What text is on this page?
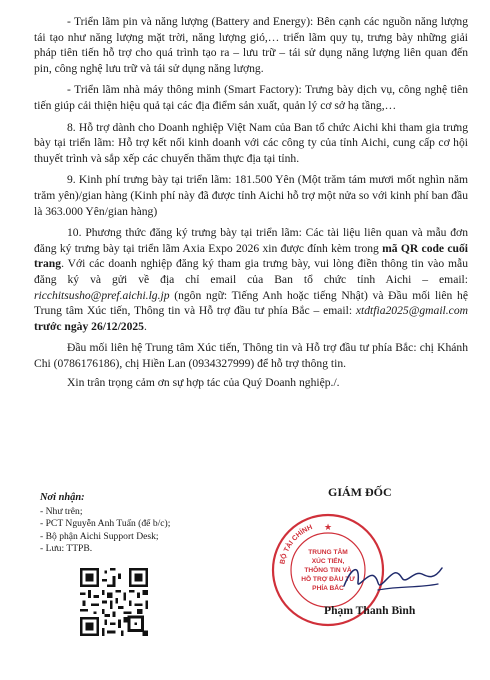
- Triển lãm pin và năng lượng (Battery and Energy): Bên cạnh các nguồn năng lượng tái tạo như năng lượng mặt trời, năng lượng gió,… triển lãm quy tụ, trưng bày những giải pháp tiên tiến hỗ trợ cho quá trình tạo ra – lưu trữ – tái sử dụng năng lượng liên quan đến pin, công nghệ lưu trữ và tái sử dụng năng lượng.

- Triển lãm nhà máy thông minh (Smart Factory): Trưng bày dịch vụ, công nghệ tiên tiến giúp cải thiện hiệu quả tại các địa điểm sản xuất, quản lý cơ sở hạ tầng,…

8. Hỗ trợ dành cho Doanh nghiệp Việt Nam của Ban tổ chức Aichi khi tham gia trưng bày tại triển lãm: Hỗ trợ kết nối kinh doanh với các công ty của tỉnh Aichi, cung cấp cơ hội thuyết trình và sắp xếp các chuyến thăm thực địa tại tỉnh.

9. Kinh phí trưng bày tại triển lãm: 181.500 Yên (Một trăm tám mươi mốt nghìn năm trăm yên)/gian hàng (Kinh phí này đã được tỉnh Aichi hỗ trợ một nửa so với kinh phí ban đầu là 363.000 Yên/gian hàng)

10. Phương thức đăng ký trưng bày tại triển lãm: Các tài liệu liên quan và mẫu đơn đăng ký trưng bày tại triển lãm Axia Expo 2026 xin được đính kèm trong mã QR code cuối trang. Với các doanh nghiệp đăng ký tham gia trưng bày, vui lòng điền thông tin vào mẫu đăng ký và gửi về địa chỉ email của Ban tổ chức tỉnh Aichi – email: ricchitsusho@pref.aichi.lg.jp (ngôn ngữ: Tiếng Anh hoặc tiếng Nhật) và Đầu mối liên hệ Trung tâm Xúc tiến, Thông tin và Hỗ trợ đầu tư phía Bắc – email: xtdtfia2025@gmail.com trước ngày 26/12/2025.

Đầu mối liên hệ Trung tâm Xúc tiến, Thông tin và Hỗ trợ đầu tư phía Bắc: chị Khánh Chi (0786176186), chị Hiền Lan (0934327999) để hỗ trợ thông tin.

Xin trân trọng cảm ơn sự hợp tác của Quý Doanh nghiệp./.

Nơi nhận:
- Như trên;
- PCT Nguyễn Anh Tuấn (để b/c);
- Bộ phận Aichi Support Desk;
- Lưu: TTPB.
GIÁM ĐỐC
BỘ TÀI CHÍNH
TRUNG TÂM
XÚC TIẾN,
THÔNG TIN VÀ
HỖ TRỢ ĐẦU TƯ
PHÍA BẮC
★
Phạm Thanh Bình
